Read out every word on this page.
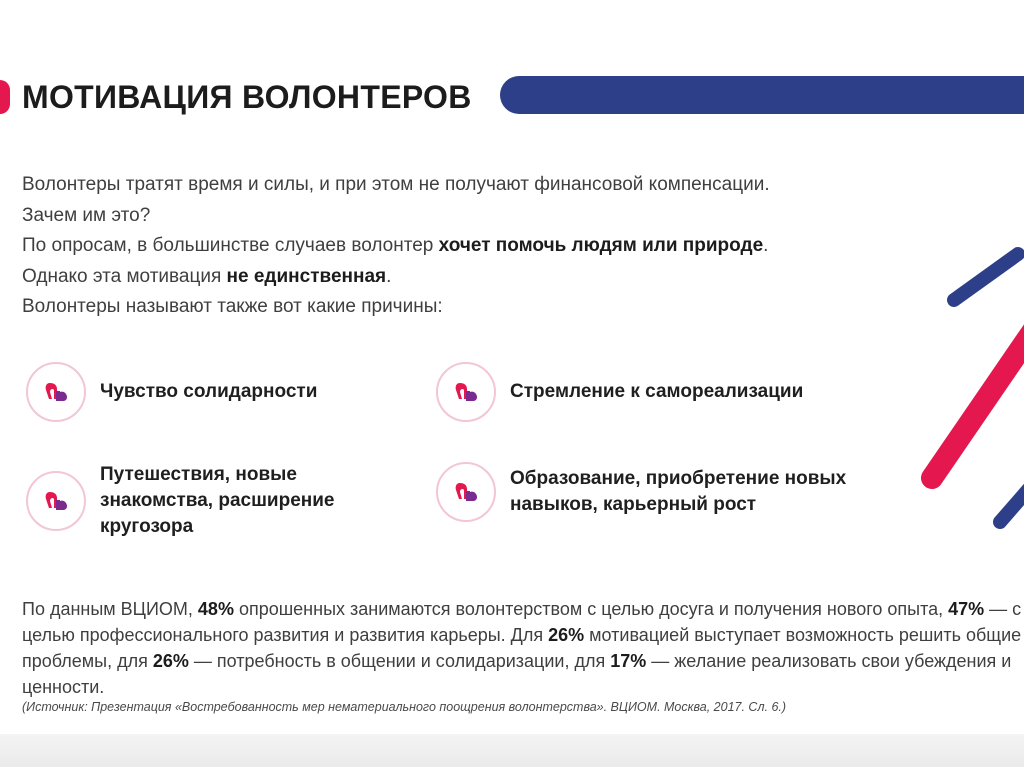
МОТИВАЦИЯ ВОЛОНТЕРОВ

Волонтеры тратят время и силы, и при этом не получают финансовой компенсации.

Зачем им это?

По опросам, в большинстве случаев волонтер хочет помочь людям или природе.

Однако эта мотивация не единственная.

Волонтеры называют также вот какие причины:

Чувство солидарности	Стремление к самореализации
Путешествия, новые знакомства, расширение кругозора
Образование, приобретение новых навыков, карьерный рост
По данным ВЦИОМ, 48% опрошенных занимаются волонтерством с целью досуга и получения нового опыта, 47% — с целью профессионального развития и развития карьеры. Для 26% мотивацией выступает возможность решить общие проблемы, для 26% — потребность в общении и солидаризации, для 17% — желание реализовать свои убеждения и ценности.
(Источник: Презентация «Востребованность мер нематериального поощрения волонтерства». ВЦИОМ. Москва, 2017. Сл. 6.)
